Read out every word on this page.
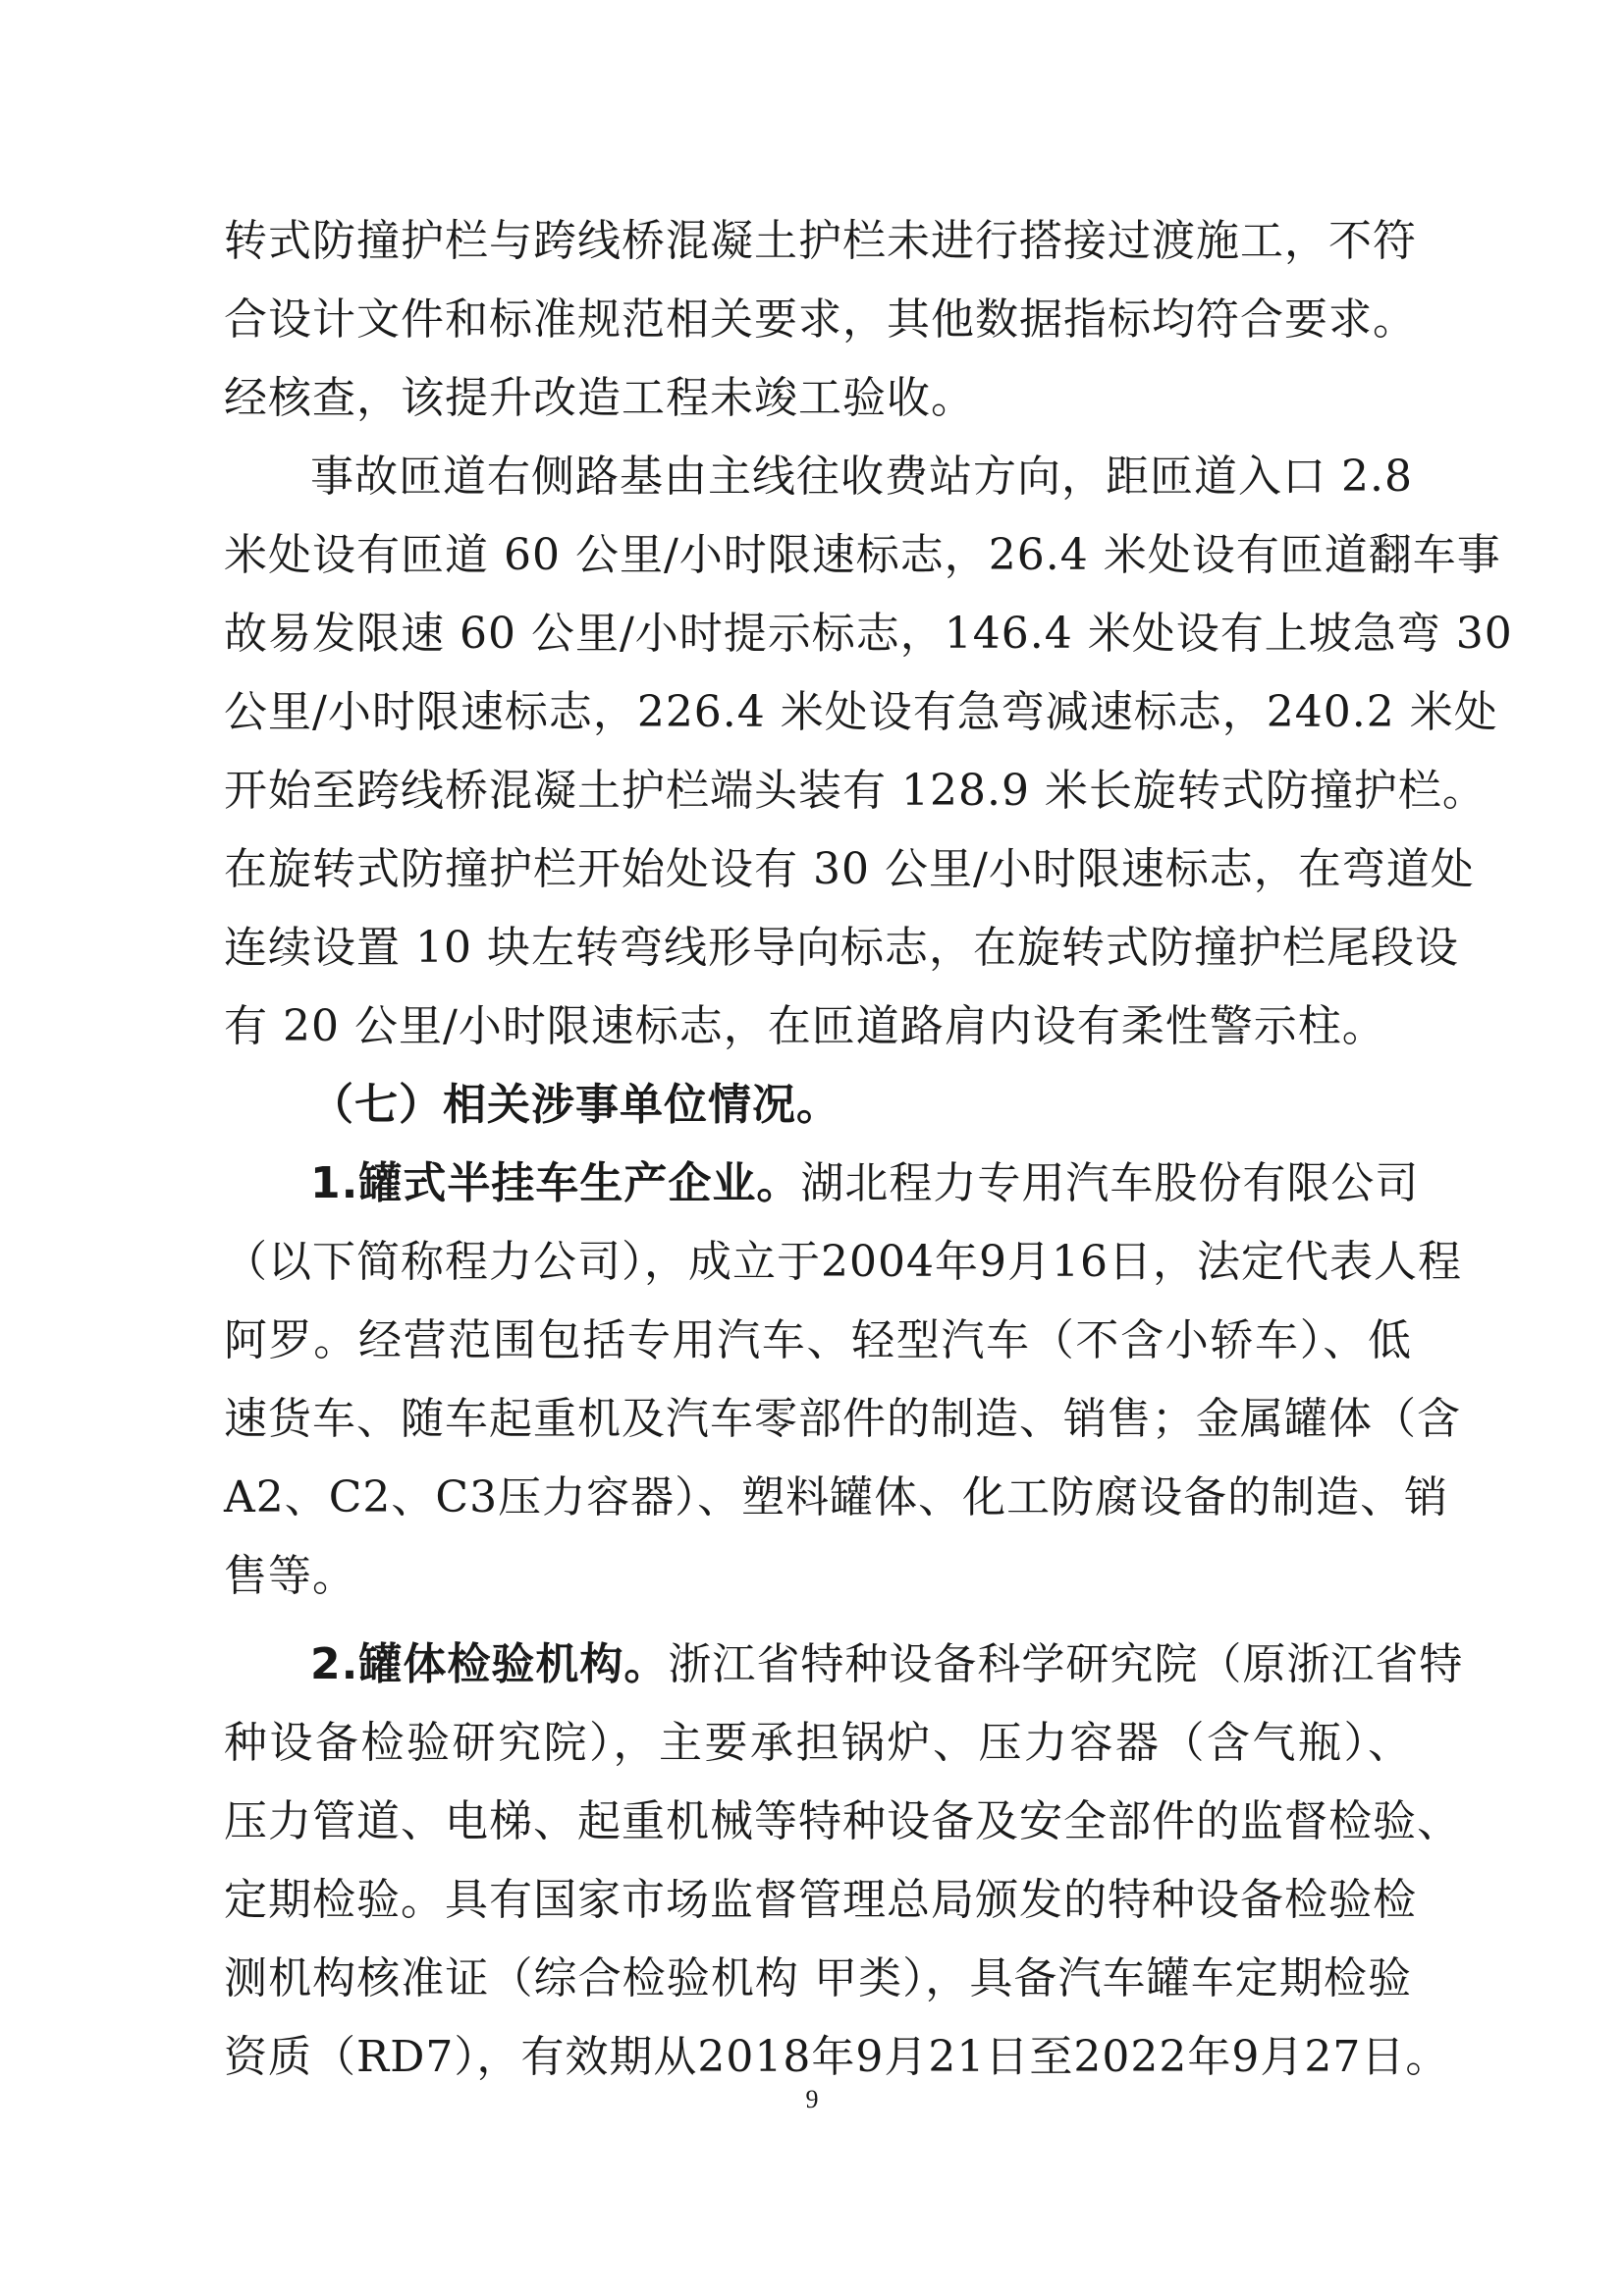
转式防撞护栏与跨线桥混凝土护栏未进行搭接过渡施工，不符
合设计文件和标准规范相关要求，其他数据指标均符合要求。
经核查，该提升改造工程未竣工验收。
事故匝道右侧路基由主线往收费站方向，距匝道入口 2.8
米处设有匝道 60 公里/小时限速标志，26.4 米处设有匝道翻车事
故易发限速 60 公里/小时提示标志，146.4 米处设有上坡急弯 30
公里/小时限速标志，226.4 米处设有急弯减速标志，240.2 米处
开始至跨线桥混凝土护栏端头装有 128.9 米长旋转式防撞护栏。
在旋转式防撞护栏开始处设有 30 公里/小时限速标志，在弯道处
连续设置 10 块左转弯线形导向标志，在旋转式防撞护栏尾段设
有 20 公里/小时限速标志，在匝道路肩内设有柔性警示柱。
（七）相关涉事单位情况。
1.罐式半挂车生产企业。湖北程力专用汽车股份有限公司
（以下简称程力公司），成立于2004年9月16日，法定代表人程
阿罗。经营范围包括专用汽车、轻型汽车（不含小轿车）、低
速货车、随车起重机及汽车零部件的制造、销售；金属罐体（含
A2、C2、C3压力容器）、塑料罐体、化工防腐设备的制造、销
售等。
2.罐体检验机构。浙江省特种设备科学研究院（原浙江省特
种设备检验研究院），主要承担锅炉、压力容器（含气瓶）、
压力管道、电梯、起重机械等特种设备及安全部件的监督检验、
定期检验。具有国家市场监督管理总局颁发的特种设备检验检
测机构核准证（综合检验机构 甲类），具备汽车罐车定期检验
资质（RD7），有效期从2018年9月21日至2022年9月27日。
9
